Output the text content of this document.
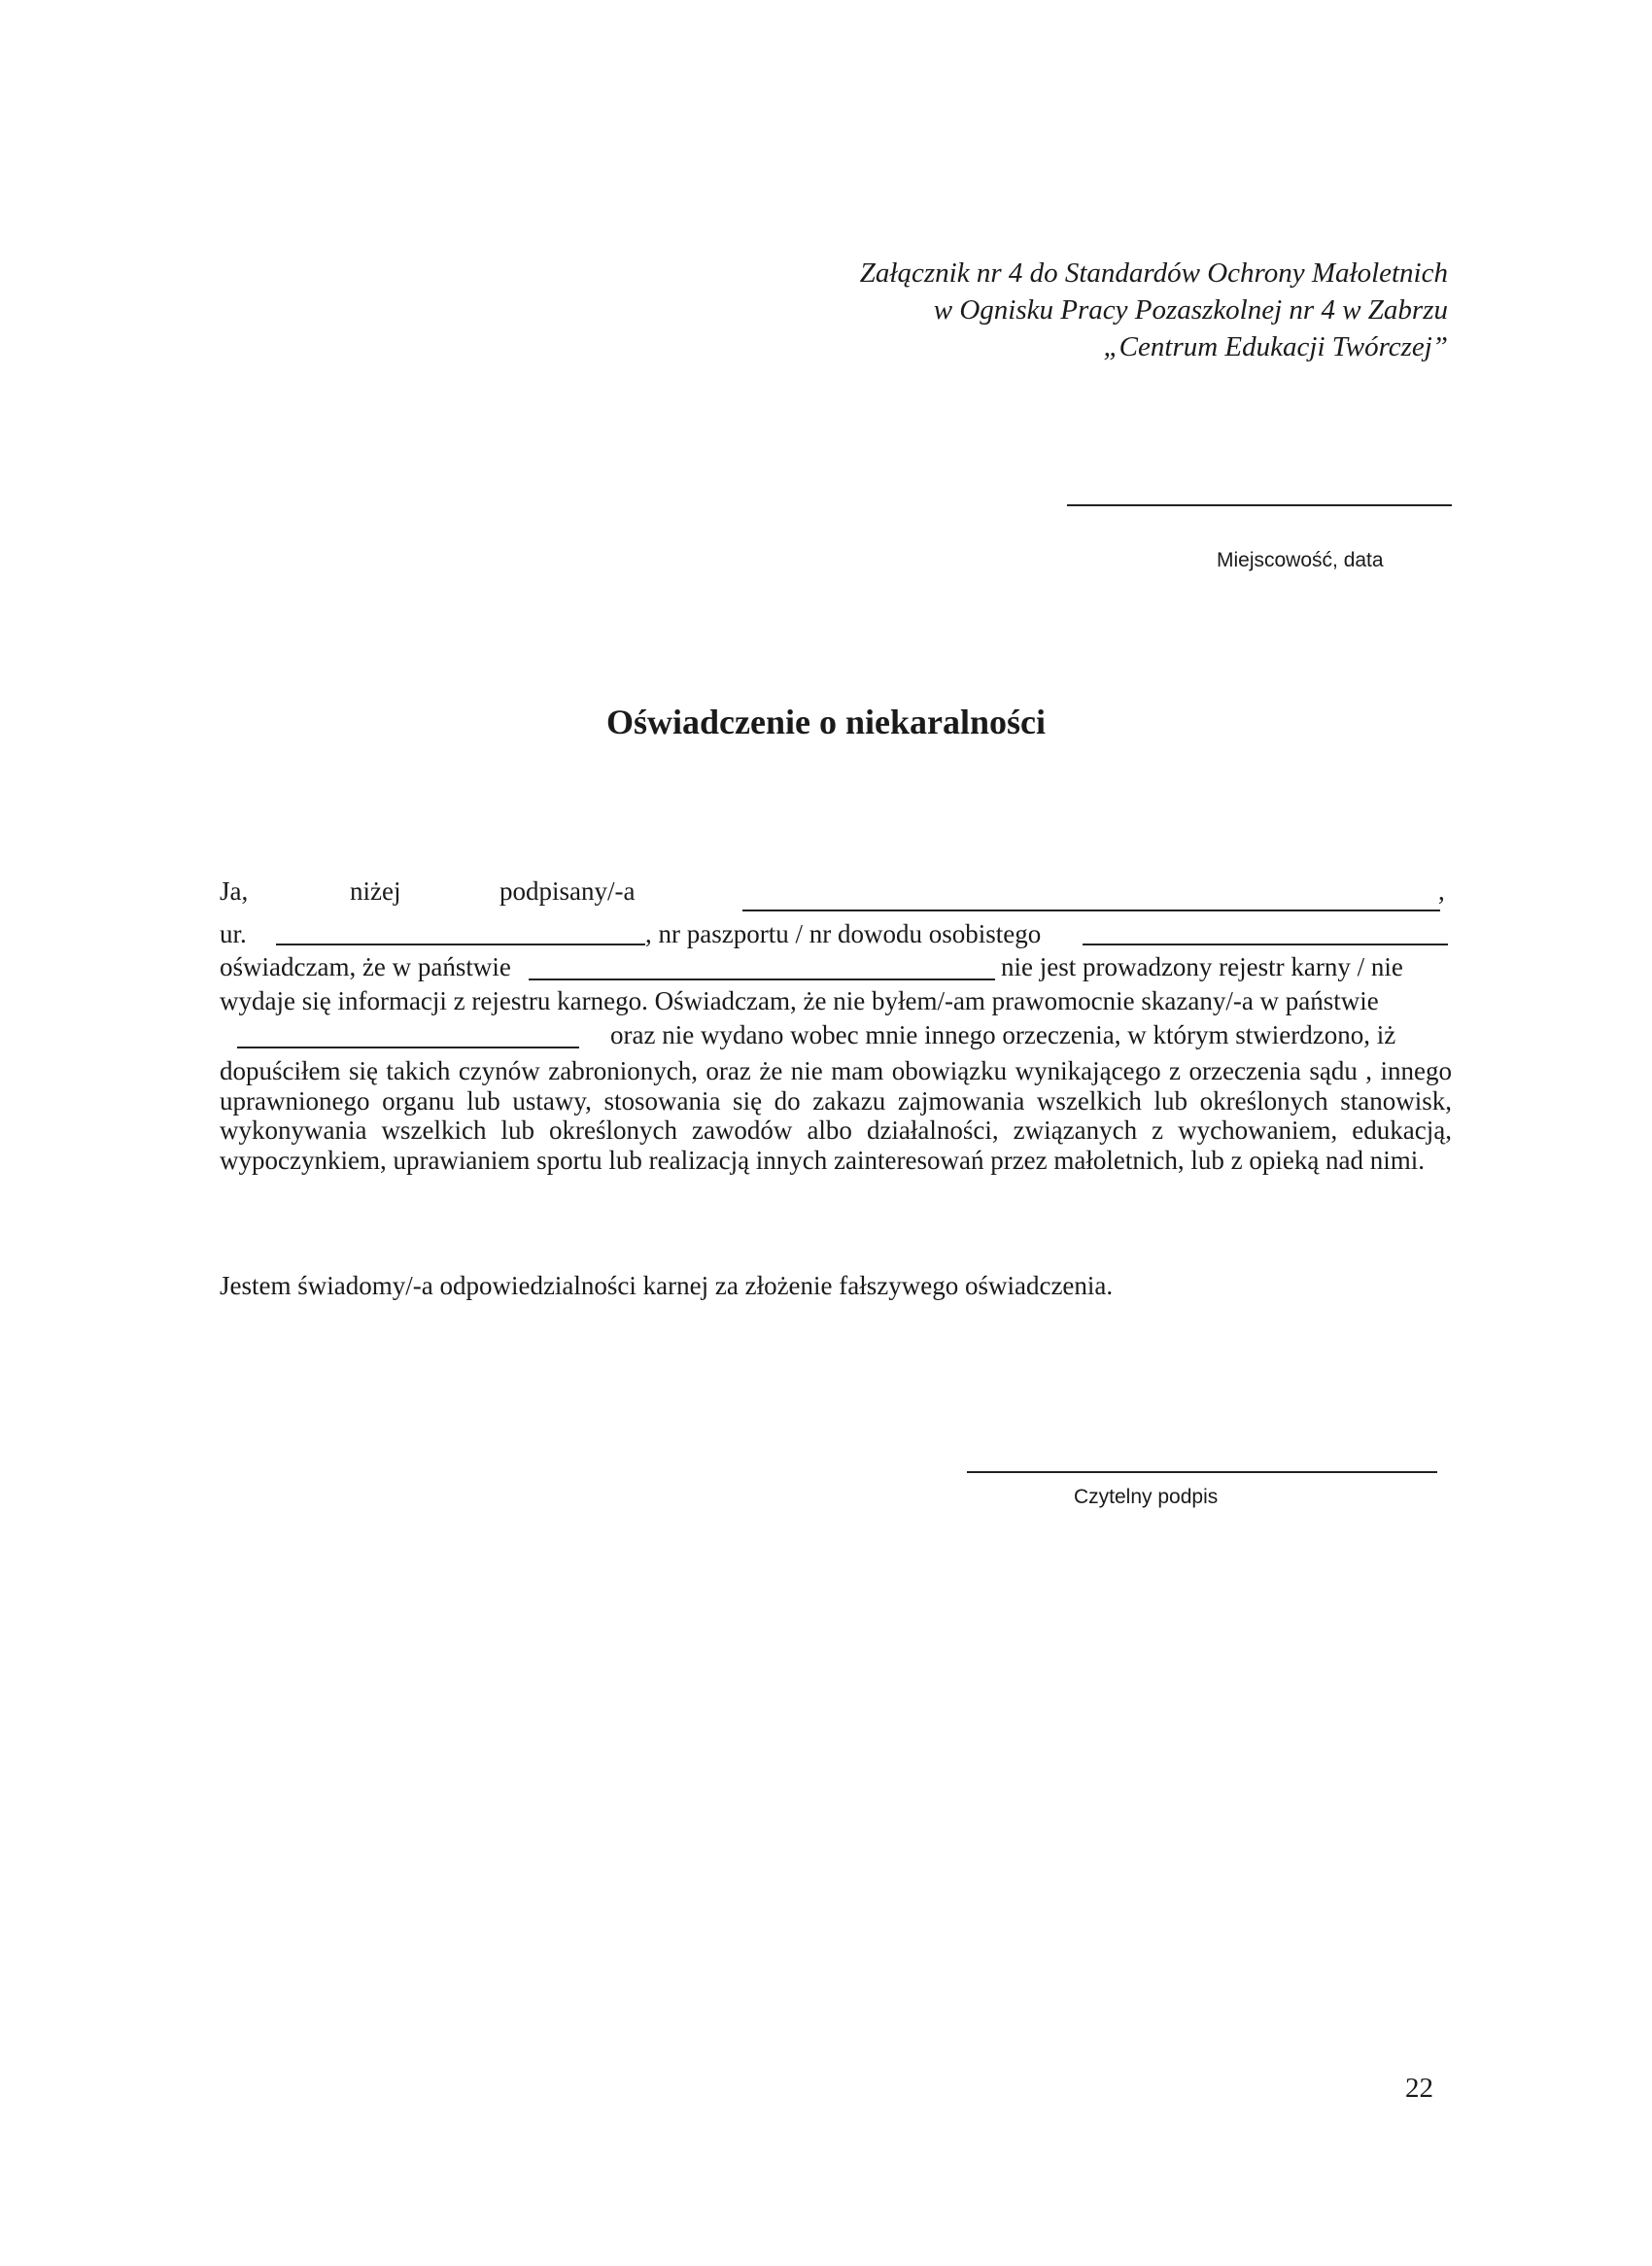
Załącznik nr 4 do Standardów Ochrony Małoletnich
w Ognisku Pracy Pozaszkolnej nr 4 w Zabrzu
„Centrum Edukacji Twórczej”
Miejscowość, data
Oświadczenie o niekaralności
Ja,	niżej	podpisany/-a	,
ur.	, nr paszportu / nr dowodu osobistego
oświadczam, że w państwie	nie jest prowadzony rejestr karny / nie
wydaje się informacji z rejestru karnego. Oświadczam, że nie byłem/-am prawomocnie skazany/-a w państwie
oraz nie wydano wobec mnie innego orzeczenia, w którym stwierdzono, iż
dopuściłem się takich czynów zabronionych, oraz że nie mam obowiązku wynikającego z orzeczenia sądu , innego uprawnionego organu lub ustawy, stosowania się do zakazu zajmowania wszelkich lub określonych stanowisk, wykonywania wszelkich lub określonych zawodów albo działalności, związanych z wychowaniem, edukacją, wypoczynkiem, uprawianiem sportu lub realizacją innych zainteresowań przez małoletnich, lub z opieką nad nimi.
Jestem świadomy/-a odpowiedzialności karnej za złożenie fałszywego oświadczenia.
Czytelny podpis
22
